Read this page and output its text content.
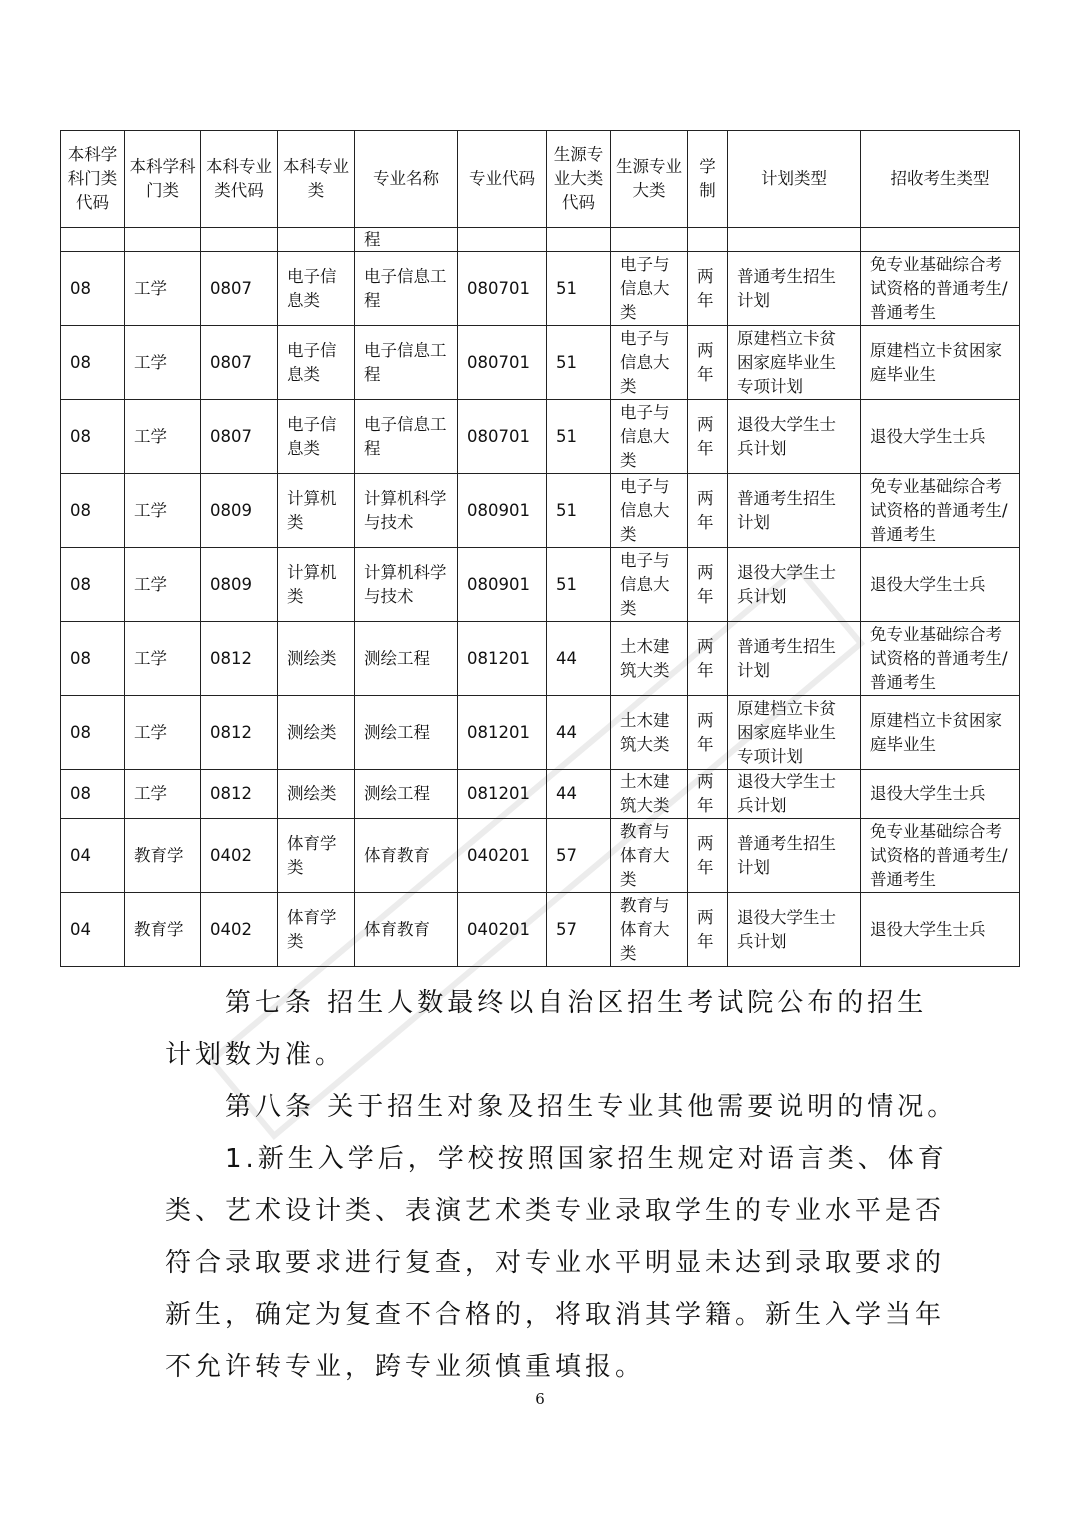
本科学科门类代码	本科学科门类	本科专业类代码	本科专业类	专业名称	专业代码	生源专业大类代码	生源专业大类	学制	计划类型	招收考生类型
				程						
08	工学	0807	电子信息类	电子信息工程	080701	51	电子与信息大类	两年	普通考生招生计划	免专业基础综合考试资格的普通考生/普通考生
08	工学	0807	电子信息类	电子信息工程	080701	51	电子与信息大类	两年	原建档立卡贫困家庭毕业生专项计划	原建档立卡贫困家庭毕业生
08	工学	0807	电子信息类	电子信息工程	080701	51	电子与信息大类	两年	退役大学生士兵计划	退役大学生士兵
08	工学	0809	计算机类	计算机科学与技术	080901	51	电子与信息大类	两年	普通考生招生计划	免专业基础综合考试资格的普通考生/普通考生
08	工学	0809	计算机类	计算机科学与技术	080901	51	电子与信息大类	两年	退役大学生士兵计划	退役大学生士兵
08	工学	0812	测绘类	测绘工程	081201	44	土木建筑大类	两年	普通考生招生计划	免专业基础综合考试资格的普通考生/普通考生
08	工学	0812	测绘类	测绘工程	081201	44	土木建筑大类	两年	原建档立卡贫困家庭毕业生专项计划	原建档立卡贫困家庭毕业生
08	工学	0812	测绘类	测绘工程	081201	44	土木建筑大类	两年	退役大学生士兵计划	退役大学生士兵
04	教育学	0402	体育学类	体育教育	040201	57	教育与体育大类	两年	普通考生招生计划	免专业基础综合考试资格的普通考生/普通考生
04	教育学	0402	体育学类	体育教育	040201	57	教育与体育大类	两年	退役大学生士兵计划	退役大学生士兵
第七条 招生人数最终以自治区招生考试院公布的招生
计划数为准。
第八条 关于招生对象及招生专业其他需要说明的情况。
1.新生入学后，学校按照国家招生规定对语言类、体育
类、艺术设计类、表演艺术类专业录取学生的专业水平是否
符合录取要求进行复查，对专业水平明显未达到录取要求的
新生，确定为复查不合格的，将取消其学籍。新生入学当年
不允许转专业，跨专业须慎重填报。
6
